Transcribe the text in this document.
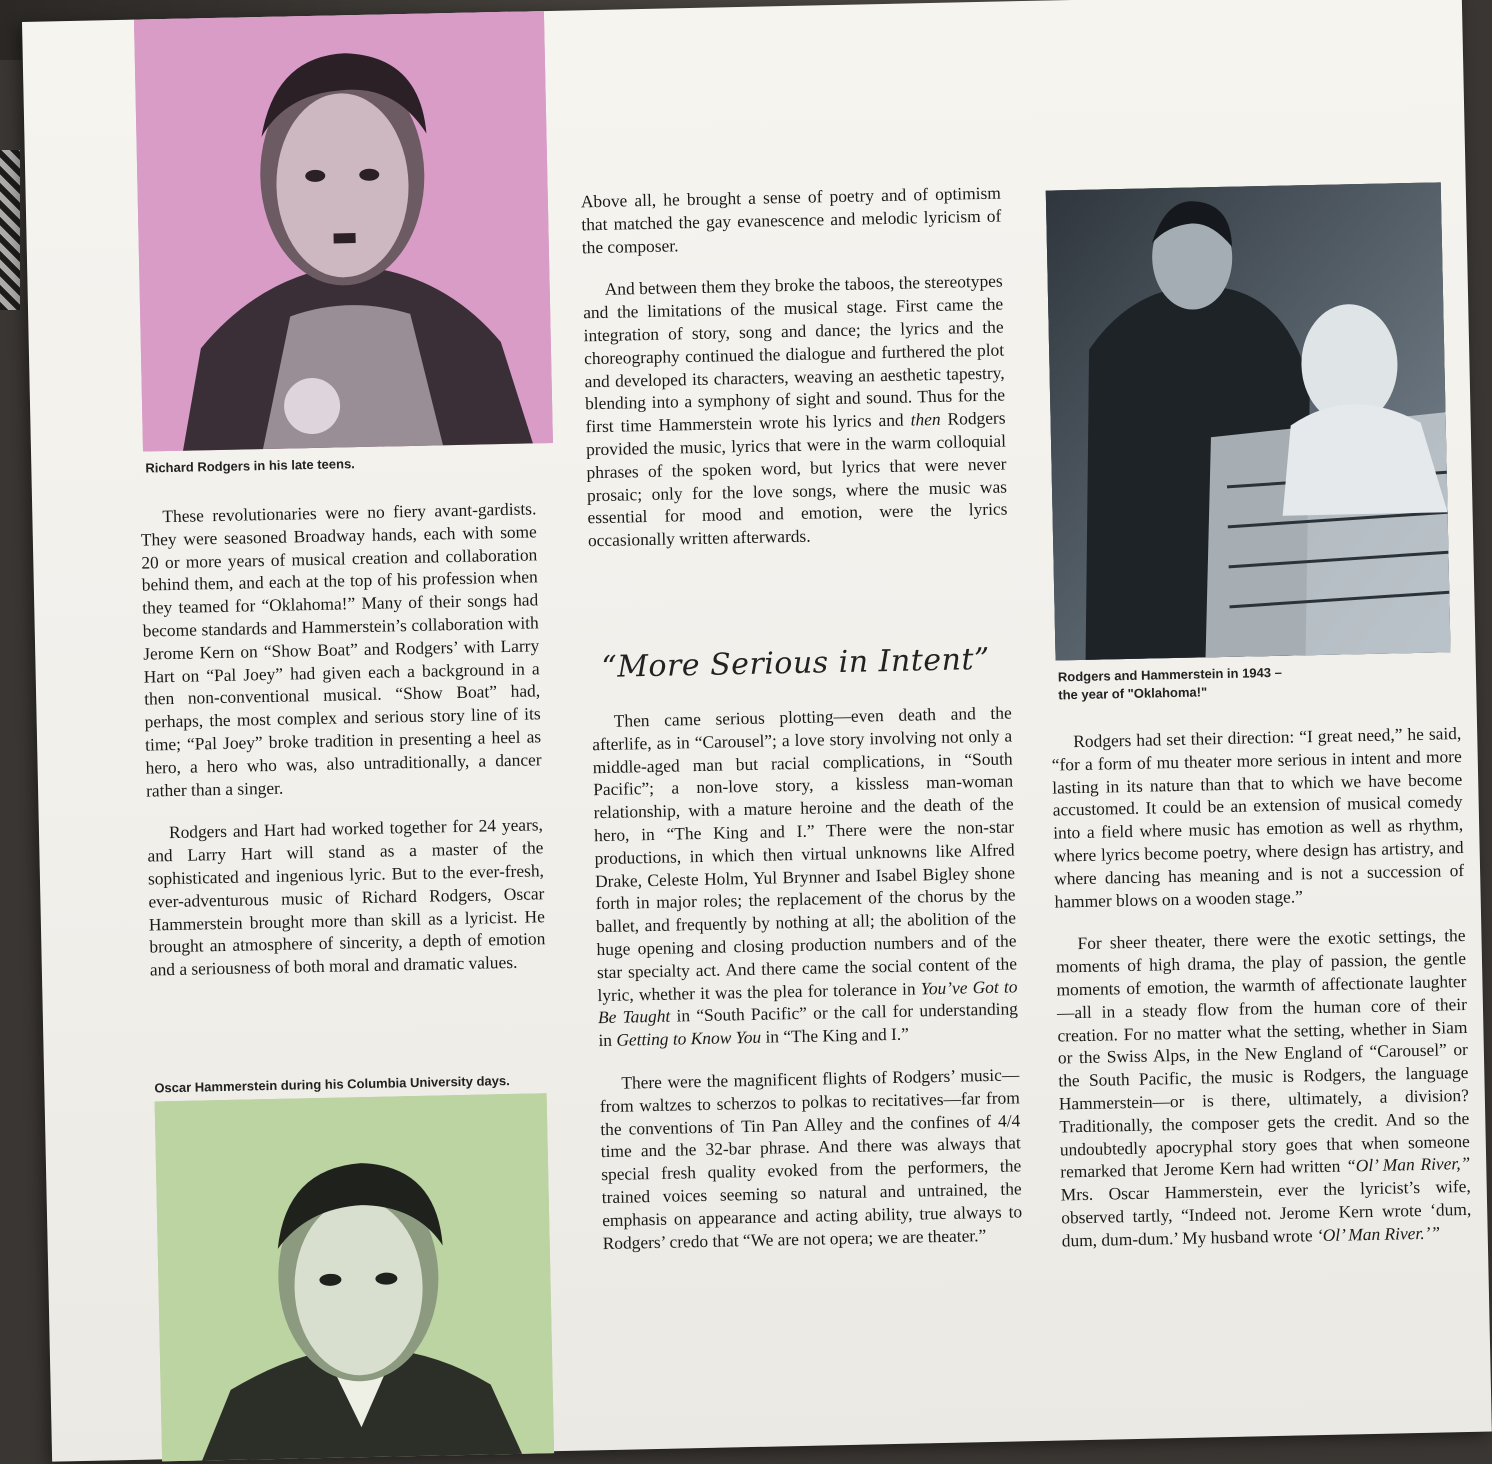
Richard Rodgers in his late teens.

These revolutionaries were no fiery avant-gardists. They were seasoned Broadway hands, each with some 20 or more years of musical creation and collaboration behind them, and each at the top of his profession when they teamed for “Oklahoma!” Many of their songs had become standards and Hammerstein’s collaboration with Jerome Kern on “Show Boat” and Rodgers’ with Larry Hart on “Pal Joey” had given each a background in a then non-conventional musical. “Show Boat” had, perhaps, the most complex and serious story line of its time; “Pal Joey” broke tradition in presenting a heel as hero, a hero who was, also untraditionally, a dancer rather than a singer.

Rodgers and Hart had worked together for 24 years, and Larry Hart will stand as a master of the sophisticated and ingenious lyric. But to the ever-fresh, ever-adventurous music of Richard Rodgers, Oscar Hammerstein brought more than skill as a lyricist. He brought an atmosphere of sincerity, a depth of emotion and a seriousness of both moral and dramatic values.

Oscar Hammerstein during his Columbia University days.

Above all, he brought a sense of poetry and of optimism that matched the gay evanescence and melodic lyricism of the composer.

And between them they broke the taboos, the stereotypes and the limitations of the musical stage. First came the integration of story, song and dance; the lyrics and the choreography continued the dialogue and furthered the plot and developed its characters, weaving an aesthetic tapestry, blending into a symphony of sight and sound. Thus for the first time Hammerstein wrote his lyrics and then Rodgers provided the music, lyrics that were in the warm colloquial phrases of the spoken word, but lyrics that were never prosaic; only for the love songs, where the music was essential for mood and emotion, were the lyrics occasionally written afterwards.

“More Serious in Intent”

Then came serious plotting—even death and the afterlife, as in “Carousel”; a love story involving not only a middle-aged man but racial complications, in “South Pacific”; a non-love story, a kissless man-woman relationship, with a mature heroine and the death of the hero, in “The King and I.” There were the non-star productions, in which then virtual unknowns like Alfred Drake, Celeste Holm, Yul Brynner and Isabel Bigley shone forth in major roles; the replacement of the chorus by the ballet, and frequently by nothing at all; the abolition of the huge opening and closing production numbers and of the star specialty act. And there came the social content of the lyric, whether it was the plea for tolerance in You’ve Got to Be Taught in “South Pacific” or the call for understanding in Getting to Know You in “The King and I.”

There were the magnificent flights of Rodgers’ music—from waltzes to scherzos to polkas to recitatives—far from the conventions of Tin Pan Alley and the confines of 4/4 time and the 32-bar phrase. And there was always that special fresh quality evoked from the performers, the trained voices seeming so natural and untrained, the emphasis on appearance and acting ability, true always to Rodgers’ credo that “We are not opera; we are theater.”

Rodgers and Hammerstein in 1943 –
the year of "Oklahoma!"

Rodgers had set their direction: “I great need,” he said, “for a form of mu theater more serious in intent and more lasting in its nature than that to which we have become accustomed. It could be an extension of musical comedy into a field where music has emotion as well as rhythm, where lyrics become poetry, where design has artistry, and where dancing has meaning and is not a succession of hammer blows on a wooden stage.”

For sheer theater, there were the exotic settings, the moments of high drama, the play of passion, the gentle moments of emotion, the warmth of affectionate laughter—all in a steady flow from the human core of their creation. For no matter what the setting, whether in Siam or the Swiss Alps, in the New England of “Carousel” or the South Pacific, the music is Rodgers, the language Hammerstein—or is there, ultimately, a division? Traditionally, the composer gets the credit. And so the undoubtedly apocryphal story goes that when someone remarked that Jerome Kern had written “Ol’ Man River,” Mrs. Oscar Hammerstein, ever the lyricist’s wife, observed tartly, “Indeed not. Jerome Kern wrote ‘dum, dum, dum-dum.’ My husband wrote ‘Ol’ Man River.’”
